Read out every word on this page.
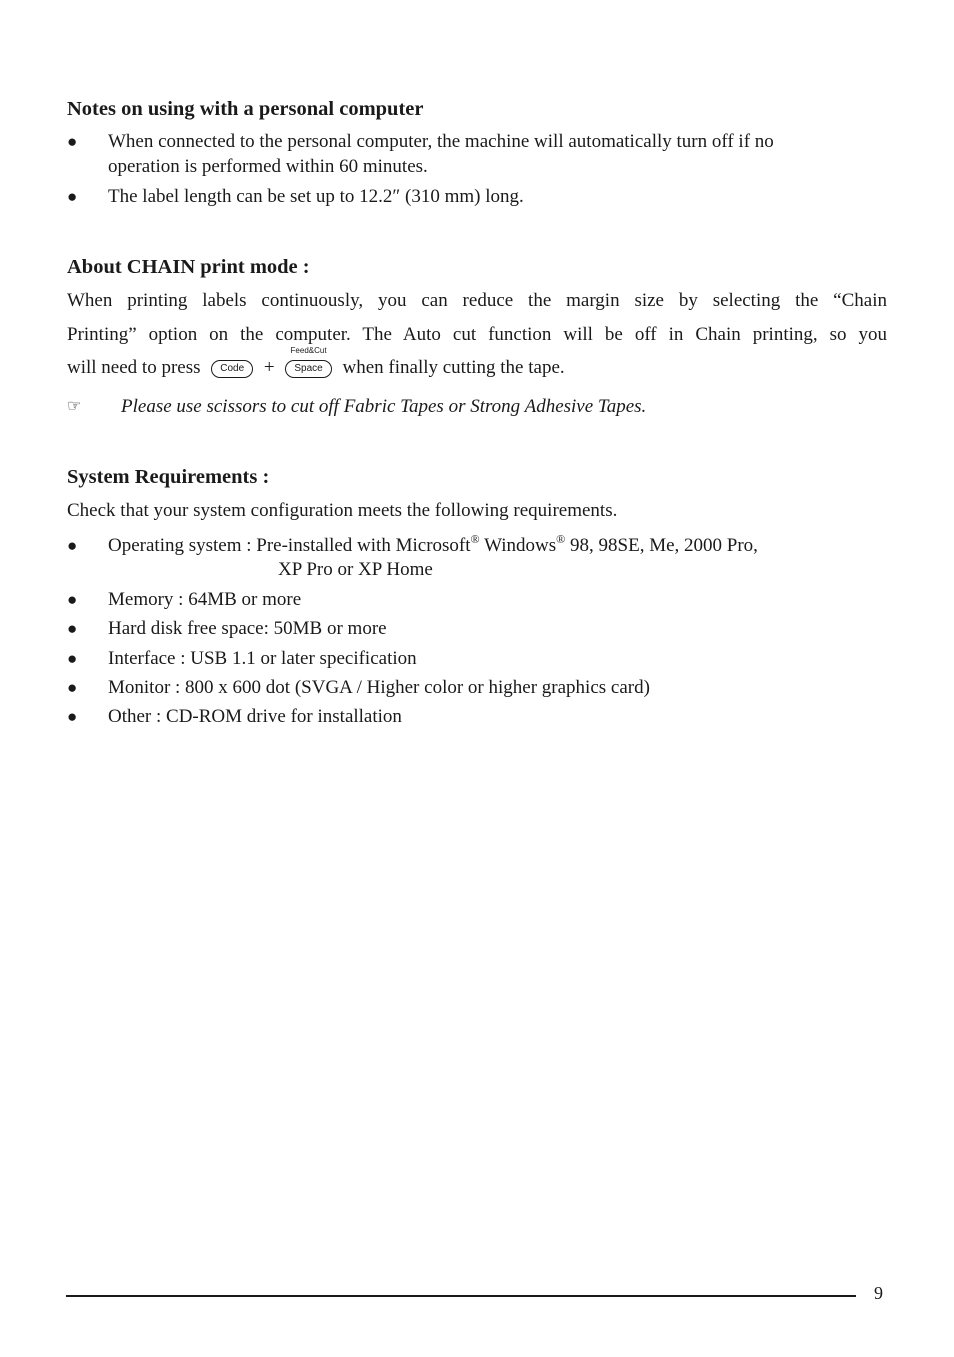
Notes on using with a personal computer
● When connected to the personal computer, the machine will automatically turn off if no
operation is performed within 60 minutes.
● The label length can be set up to 12.2″ (310 mm) long.
About CHAIN print mode :
When printing labels continuously, you can reduce the margin size by selecting the “Chain
Printing” option on the computer. The Auto cut function will be off in Chain printing, so you
will need to press Code +
Feed&Cut
Space when finally cutting the tape.
☞ Please use scissors to cut off Fabric Tapes or Strong Adhesive Tapes.
System Requirements :
Check that your system configuration meets the following requirements.
● Operating system : Pre-installed with Microsoft® Windows® 98, 98SE, Me, 2000 Pro,
XP Pro or XP Home
● Memory : 64MB or more
● Hard disk free space: 50MB or more
● Interface : USB 1.1 or later specification
● Monitor : 800 x 600 dot (SVGA / Higher color or higher graphics card)
● Other : CD-ROM drive for installation
9
